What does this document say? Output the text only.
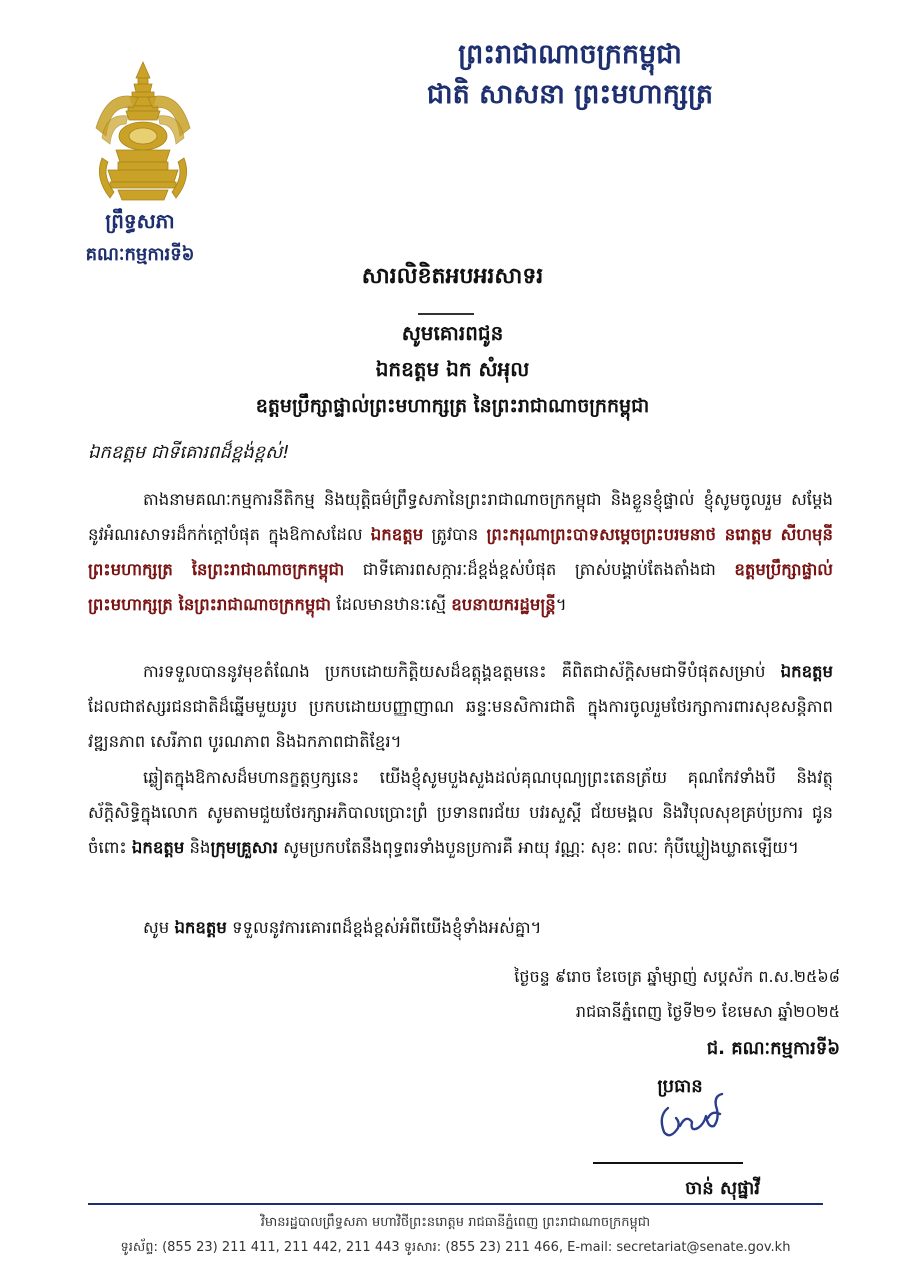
ព្រះរាជាណាចក្រកម្ពុជា
ជាតិ សាសនា ព្រះមហាក្សត្រ
ព្រឹទ្ធសភា
គណៈកម្មការទី៦
សារលិខិតអបអរសាទរ
សូមគោរពជូន
ឯកឧត្តម ឯក សំអុល
ឧត្តមប្រឹក្សាផ្ទាល់ព្រះមហាក្សត្រ នៃព្រះរាជាណាចក្រកម្ពុជា
ឯកឧត្តម ជាទីគោរពដ៏ខ្ពង់ខ្ពស់!

តាងនាមគណៈកម្មការនីតិកម្ម និងយុត្តិធម៌ព្រឹទ្ធសភានៃព្រះរាជាណាចក្រកម្ពុជា និងខ្លួនខ្ញុំផ្ទាល់ ខ្ញុំសូមចូលរួម សម្តែងនូវអំណរសាទរដ៏កក់ក្ដៅបំផុត ក្នុងឱកាសដែល ឯកឧត្តម ត្រូវបាន ព្រះករុណាព្រះបាទសម្តេចព្រះបរមនាថ នរោត្តម សីហមុនី ព្រះមហាក្សត្រ នៃព្រះរាជាណាចក្រកម្ពុជា ជាទីគោរពសក្ការៈដ៏ខ្ពង់ខ្ពស់បំផុត ត្រាស់បង្គាប់តែងតាំងជា ឧត្តមប្រឹក្សាផ្ទាល់ព្រះមហាក្សត្រ នៃព្រះរាជាណាចក្រកម្ពុជា ដែលមានឋានៈស្មើ ឧបនាយករដ្ឋមន្ត្រី។

ការទទួលបាននូវមុខតំណែង ប្រកបដោយកិត្តិយសដ៏ឧត្តុង្គឧត្តមនេះ គឺពិតជាស័ក្តិសមជាទីបំផុតសម្រាប់ ឯកឧត្តម ដែលជាឥស្សរជនជាតិដ៏ឆ្នើមមួយរូប ប្រកបដោយបញ្ញាញាណ ឆន្ទៈមនសិការជាតិ ក្នុងការចូលរួមថែរក្សាការពារសុខសន្តិភាព វឌ្ឍនភាព សេរីភាព បូរណភាព និងឯកភាពជាតិខ្មែរ។

ឆ្លៀតក្នុងឱកាសដ៏មហានក្ខត្តឫក្សនេះ យើងខ្ញុំសូមបួងសួងដល់គុណបុណ្យព្រះតេនត្រ័យ គុណកែវទាំងបី និងវត្ថុស័ក្តិសិទ្ធិក្នុងលោក សូមតាមជួយថែរក្សាអភិបាលប្រោះព្រំ ប្រទានពរជ័យ បវរសួស្តី ជ័យមង្គល និងវិបុលសុខគ្រប់ប្រការ ជូនចំពោះ ឯកឧត្តម និងក្រុមគ្រួសារ សូមប្រកបតែនឹងពុទ្ធពរទាំងបួនប្រការគឺ អាយុ វណ្ណៈ សុខៈ ពលៈ កុំបីឃ្លៀងឃ្លាតឡើយ។

សូម ឯកឧត្តម ទទួលនូវការគោរពដ៏ខ្ពង់ខ្ពស់អំពីយើងខ្ញុំទាំងអស់គ្នា។

ថ្ងៃចន្ទ ៩រោច ខែចេត្រ ឆ្នាំម្សាញ់ សប្តស័ក ព.ស.២៥៦៨
រាជធានីភ្នំពេញ ថ្ងៃទី២១ ខែមេសា ឆ្នាំ២០២៥
ជ. គណៈកម្មការទី៦
ប្រធាន
ចាន់ សុផ្នាវី
វិមានរដ្ឋបាលព្រឹទ្ធសភា មហាវិថីព្រះនរោត្តម រាជធានីភ្នំពេញ ព្រះរាជាណាចក្រកម្ពុជា
ទូរស័ព្ទ: (855 23) 211 411, 211 442, 211 443 ទូរសារ: (855 23) 211 466, E-mail: secretariat@senate.gov.kh
